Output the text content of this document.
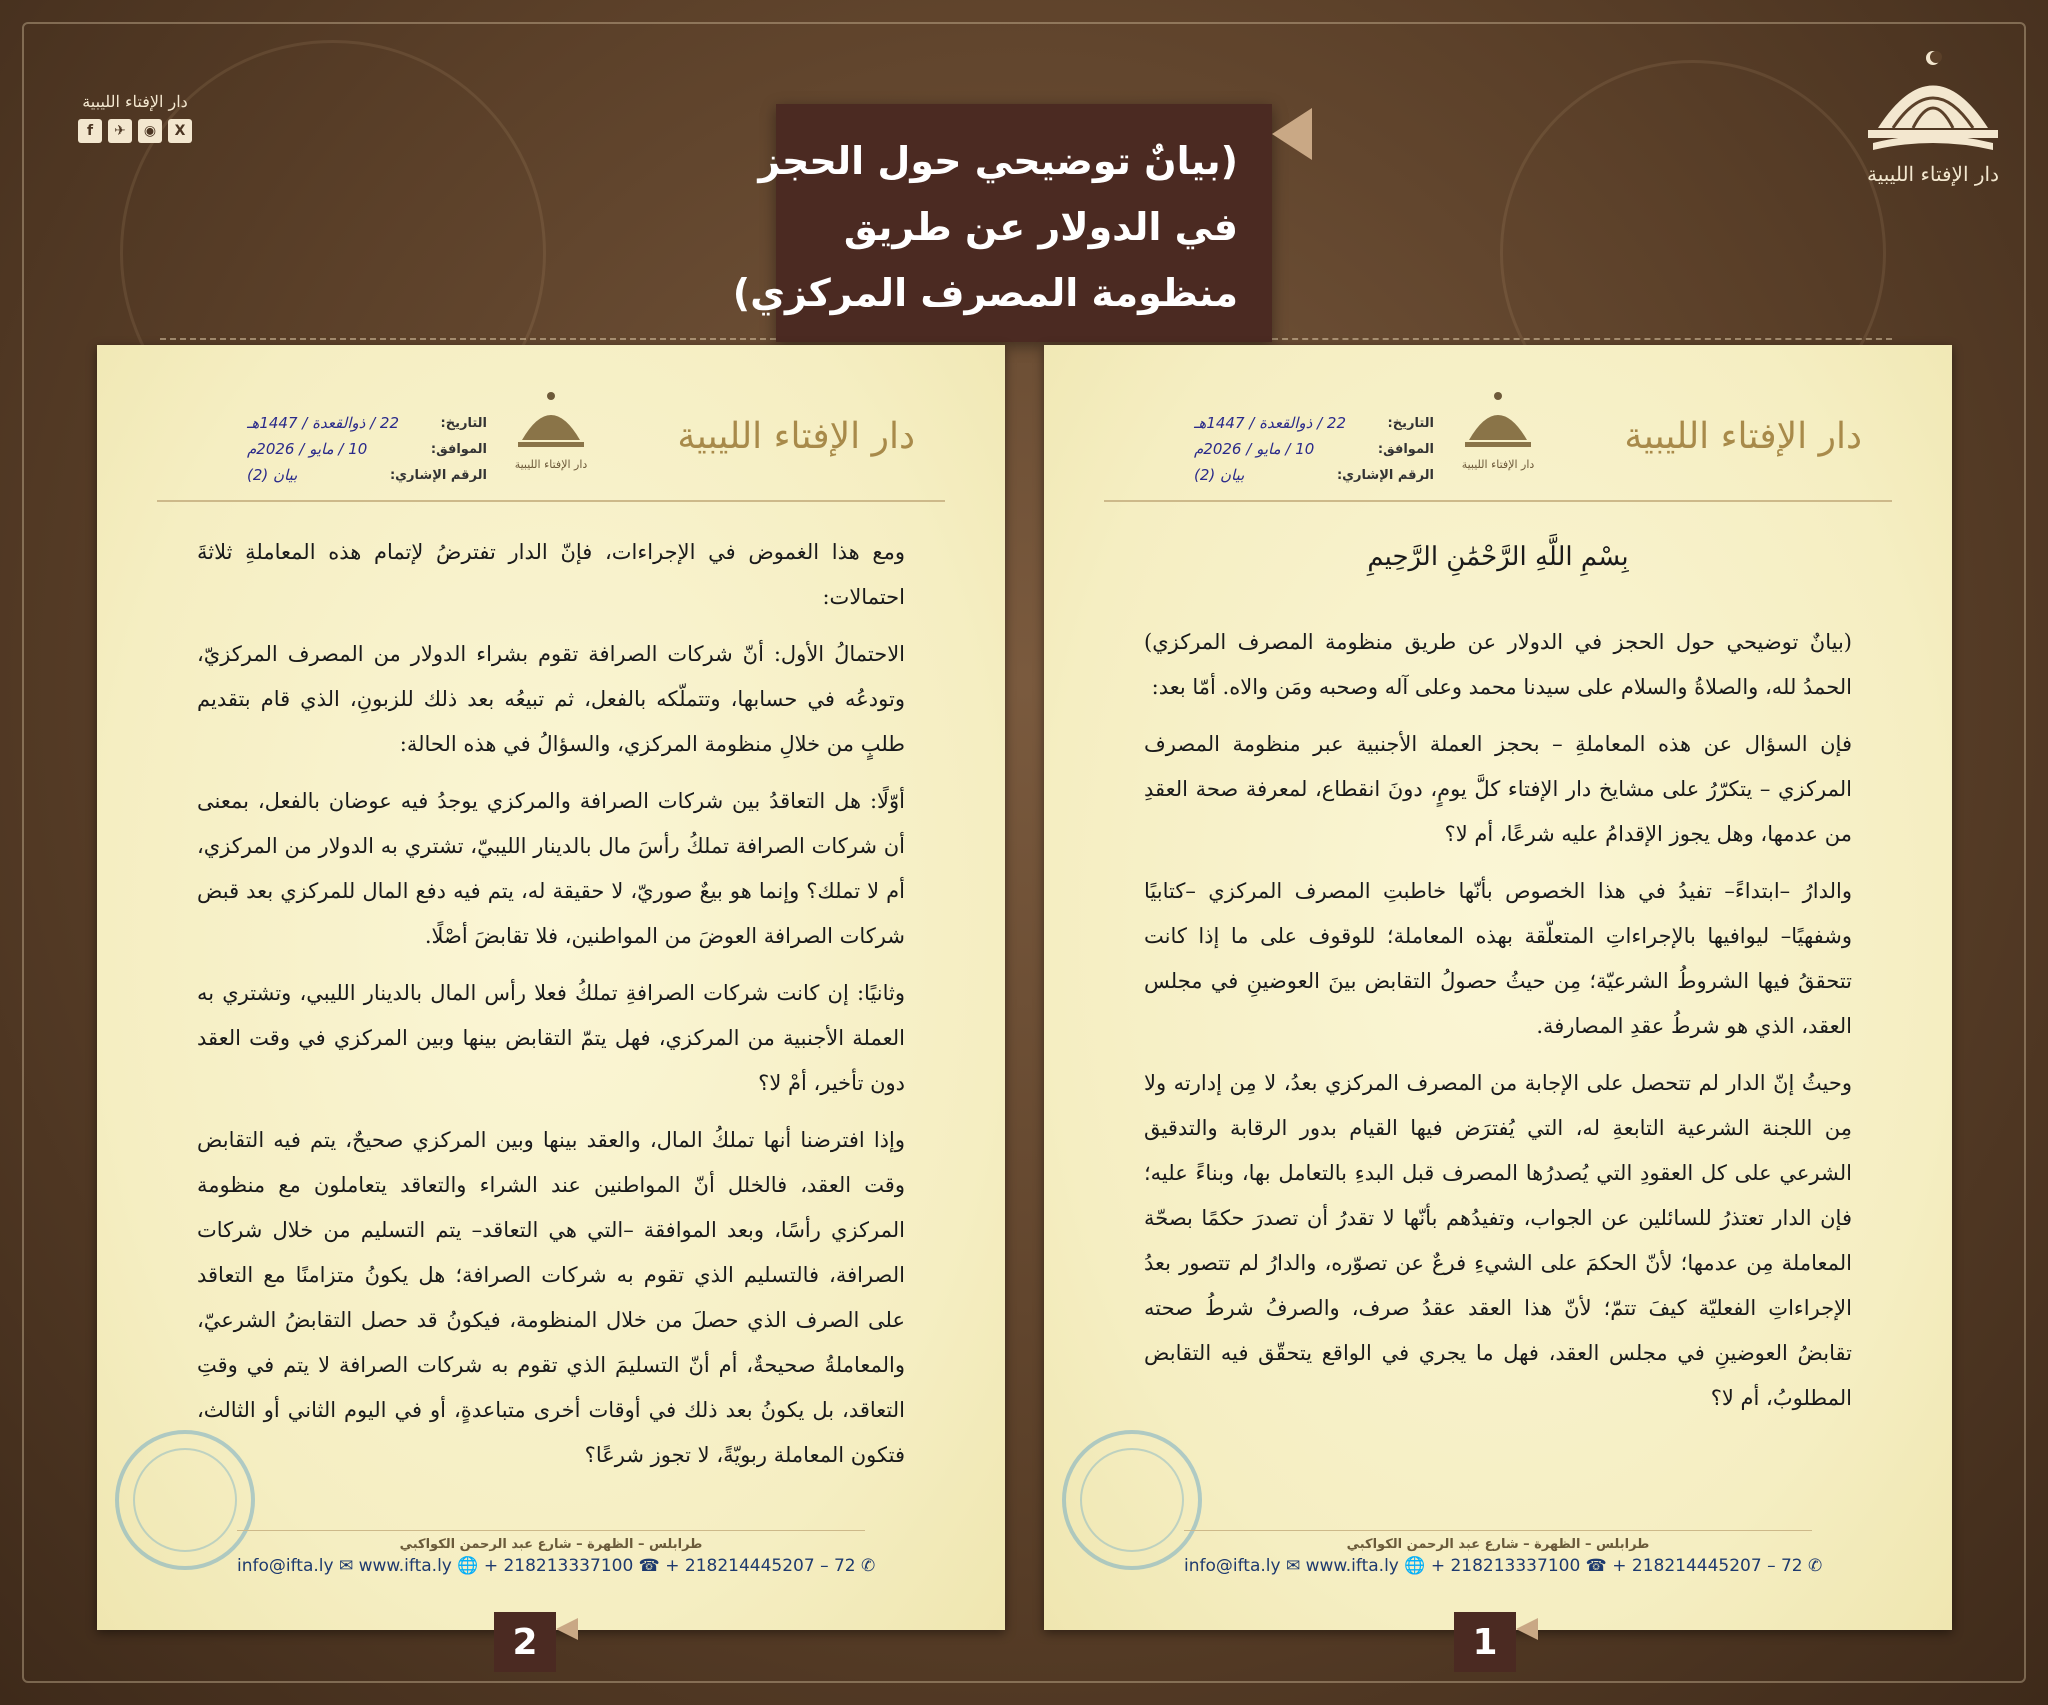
دار الإفتاء الليبية
دار الإفتاء الليبية
f	✈	◉	X
(بيانٌ توضيحي حول الحجز
في الدولار عن طريق
منظومة المصرف المركزي)
دار الإفتاء الليبية
دار الإفتاء الليبية
التاريخ:
22 / ذوالقعدة / 1447هـ
الموافق:
10 / مايو / 2026م
الرقم الإشاري:
بيان (2)
بِسْمِ اللَّهِ الرَّحْمَٰنِ الرَّحِيمِ

(بيانٌ توضيحي حول الحجز في الدولار عن طريق منظومة المصرف المركزي) الحمدُ لله، والصلاةُ والسلام على سيدنا محمد وعلى آله وصحبه ومَن والاه. أمّا بعد:

فإن السؤال عن هذه المعاملةِ – بحجز العملة الأجنبية عبر منظومة المصرف المركزي – يتكرّرُ على مشايخ دار الإفتاء كلَّ يومٍ، دونَ انقطاع، لمعرفة صحة العقدِ من عدمها، وهل يجوز الإقدامُ عليه شرعًا، أم لا؟

والدارُ –ابتداءً– تفيدُ في هذا الخصوص بأنّها خاطبتِ المصرف المركزي –كتابيًا وشفهيًا– ليوافيها بالإجراءاتِ المتعلّقة بهذه المعاملة؛ للوقوف على ما إذا كانت تتحققُ فيها الشروطُ الشرعيّة؛ مِن حيثُ حصولُ التقابض بينَ العوضينِ في مجلس العقد، الذي هو شرطُ عقدِ المصارفة.

وحيثُ إنّ الدار لم تتحصل على الإجابة من المصرف المركزي بعدُ، لا مِن إدارته ولا مِن اللجنة الشرعية التابعةِ له، التي يُفترَض فيها القيام بدور الرقابة والتدقيق الشرعي على كل العقودِ التي يُصدرُها المصرف قبل البدءِ بالتعامل بها، وبناءً عليه؛ فإن الدار تعتذرُ للسائلين عن الجواب، وتفيدُهم بأنّها لا تقدرُ أن تصدرَ حكمًا بصحّة المعاملة مِن عدمها؛ لأنّ الحكمَ على الشيءِ فرعٌ عن تصوّره، والدارُ لم تتصور بعدُ الإجراءاتِ الفعليّة كيفَ تتمّ؛ لأنّ هذا العقد عقدُ صرف، والصرفُ شرطُ صحته تقابضُ العوضينِ في مجلس العقد، فهل ما يجري في الواقع يتحقّق فيه التقابض المطلوبُ، أم لا؟

طرابلس – الظهرة – شارع عبد الرحمن الكواكبي
info@ifta.ly ✉ www.ifta.ly 🌐 + 218213337100 ☎ + 218214445207 – 72 ✆
دار الإفتاء الليبية
دار الإفتاء الليبية
التاريخ:
22 / ذوالقعدة / 1447هـ
الموافق:
10 / مايو / 2026م
الرقم الإشاري:
بيان (2)

ومع هذا الغموض في الإجراءات، فإنّ الدار تفترضُ لإتمام هذه المعاملةِ ثلاثةَ احتمالات:

الاحتمالُ الأول: أنّ شركات الصرافة تقوم بشراء الدولار من المصرف المركزيّ، وتودعُه في حسابها، وتتملّكه بالفعل، ثم تبيعُه بعد ذلك للزبونِ، الذي قام بتقديم طلبٍ من خلالِ منظومة المركزي، والسؤالُ في هذه الحالة:

أوّلًا: هل التعاقدُ بين شركات الصرافة والمركزي يوجدُ فيه عوضان بالفعل، بمعنى أن شركات الصرافة تملكُ رأسَ مال بالدينار الليبيّ، تشتري به الدولار من المركزي، أم لا تملك؟ وإنما هو بيعٌ صوريّ، لا حقيقة له، يتم فيه دفع المال للمركزي بعد قبض شركات الصرافة العوضَ من المواطنين، فلا تقابضَ أصْلًا.

وثانيًا: إن كانت شركات الصرافةِ تملكُ فعلا رأس المال بالدينار الليبي، وتشتري به العملة الأجنبية من المركزي، فهل يتمّ التقابض بينها وبين المركزي في وقت العقد دون تأخير، أمْ لا؟

وإذا افترضنا أنها تملكُ المال، والعقد بينها وبين المركزي صحيحٌ، يتم فيه التقابض وقت العقد، فالخلل أنّ المواطنين عند الشراء والتعاقد يتعاملون مع منظومة المركزي رأسًا، وبعد الموافقة –التي هي التعاقد– يتم التسليم من خلال شركات الصرافة، فالتسليم الذي تقوم به شركات الصرافة؛ هل يكونُ متزامنًا مع التعاقد على الصرف الذي حصلَ من خلال المنظومة، فيكونُ قد حصل التقابضُ الشرعيّ، والمعاملةُ صحيحةٌ، أم أنّ التسليمَ الذي تقوم به شركات الصرافة لا يتم في وقتِ التعاقد، بل يكونُ بعد ذلك في أوقات أخرى متباعدةٍ، أو في اليوم الثاني أو الثالث، فتكون المعاملة ربويّةً، لا تجوز شرعًا؟

طرابلس – الظهرة – شارع عبد الرحمن الكواكبي
info@ifta.ly ✉ www.ifta.ly 🌐 + 218213337100 ☎ + 218214445207 – 72 ✆
2	1
